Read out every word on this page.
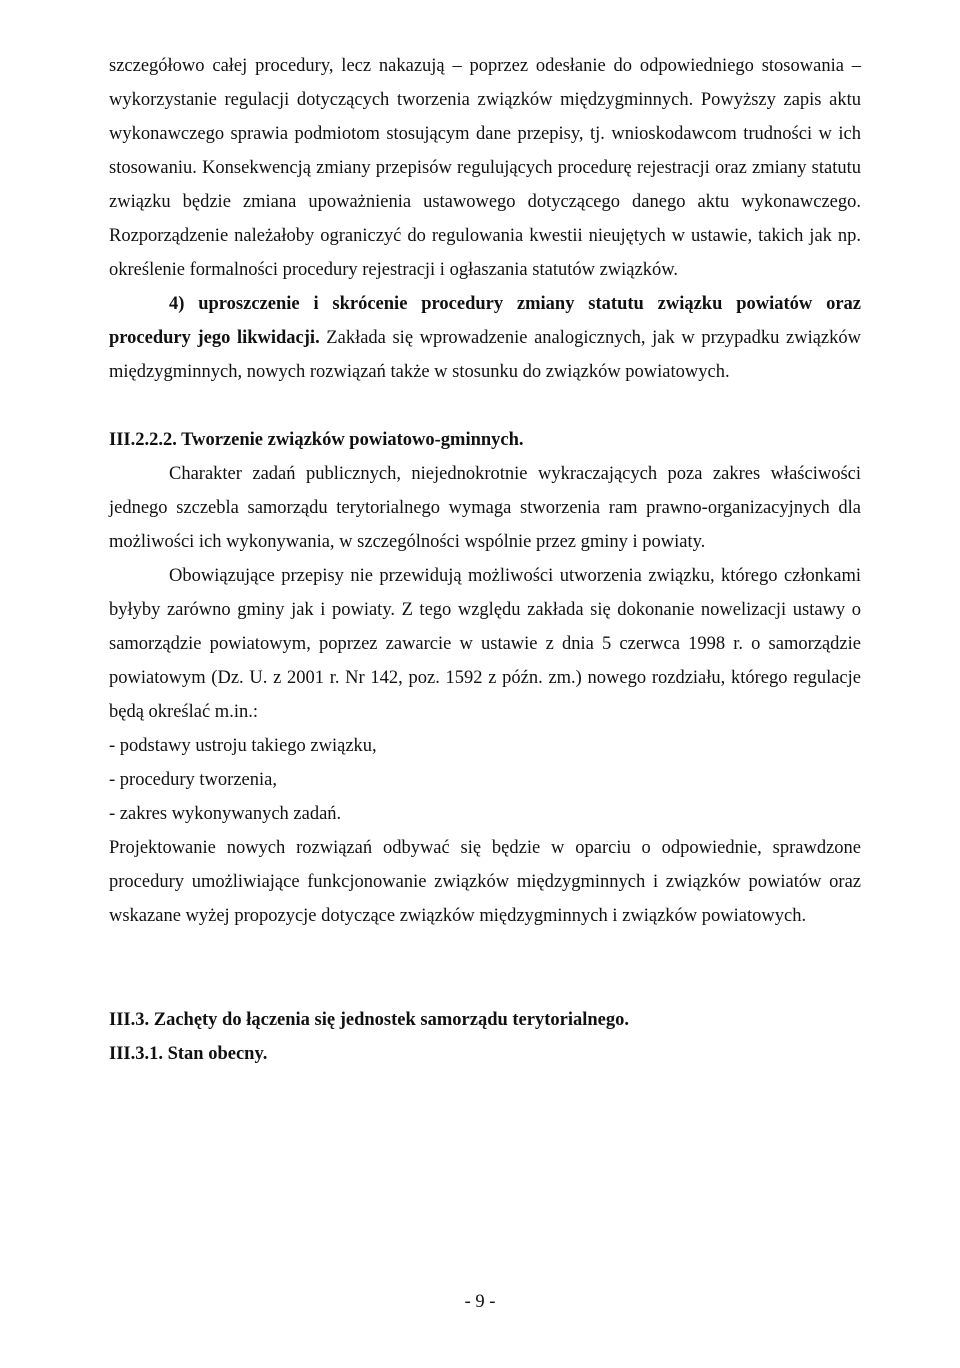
szczegółowo całej procedury, lecz nakazują – poprzez odesłanie do odpowiedniego stosowania – wykorzystanie regulacji dotyczących tworzenia związków międzygminnych. Powyższy zapis aktu wykonawczego sprawia podmiotom stosującym dane przepisy, tj. wnioskodawcom trudności w ich stosowaniu. Konsekwencją zmiany przepisów regulujących procedurę rejestracji oraz zmiany statutu związku będzie zmiana upoważnienia ustawowego dotyczącego danego aktu wykonawczego. Rozporządzenie należałoby ograniczyć do regulowania kwestii nieujętych w ustawie, takich jak np. określenie formalności procedury rejestracji i ogłaszania statutów związków.

4) uproszczenie i skrócenie procedury zmiany statutu związku powiatów oraz procedury jego likwidacji. Zakłada się wprowadzenie analogicznych, jak w przypadku związków międzygminnych, nowych rozwiązań także w stosunku do związków powiatowych.

III.2.2.2. Tworzenie związków powiatowo-gminnych.

Charakter zadań publicznych, niejednokrotnie wykraczających poza zakres właściwości jednego szczebla samorządu terytorialnego wymaga stworzenia ram prawno-organizacyjnych dla możliwości ich wykonywania, w szczególności wspólnie przez gminy i powiaty.

Obowiązujące przepisy nie przewidują możliwości utworzenia związku, którego członkami byłyby zarówno gminy jak i powiaty. Z tego względu zakłada się dokonanie nowelizacji ustawy o samorządzie powiatowym, poprzez zawarcie w ustawie z dnia 5 czerwca 1998 r. o samorządzie powiatowym (Dz. U. z 2001 r. Nr 142, poz. 1592 z późn. zm.) nowego rozdziału, którego regulacje będą określać m.in.:

- podstawy ustroju takiego związku,

- procedury tworzenia,

- zakres wykonywanych zadań.

Projektowanie nowych rozwiązań odbywać się będzie w oparciu o odpowiednie, sprawdzone procedury umożliwiające funkcjonowanie związków międzygminnych i związków powiatów oraz wskazane wyżej propozycje dotyczące związków międzygminnych i związków powiatowych.

III.3. Zachęty do łączenia się jednostek samorządu terytorialnego.

III.3.1. Stan obecny.

- 9 -
